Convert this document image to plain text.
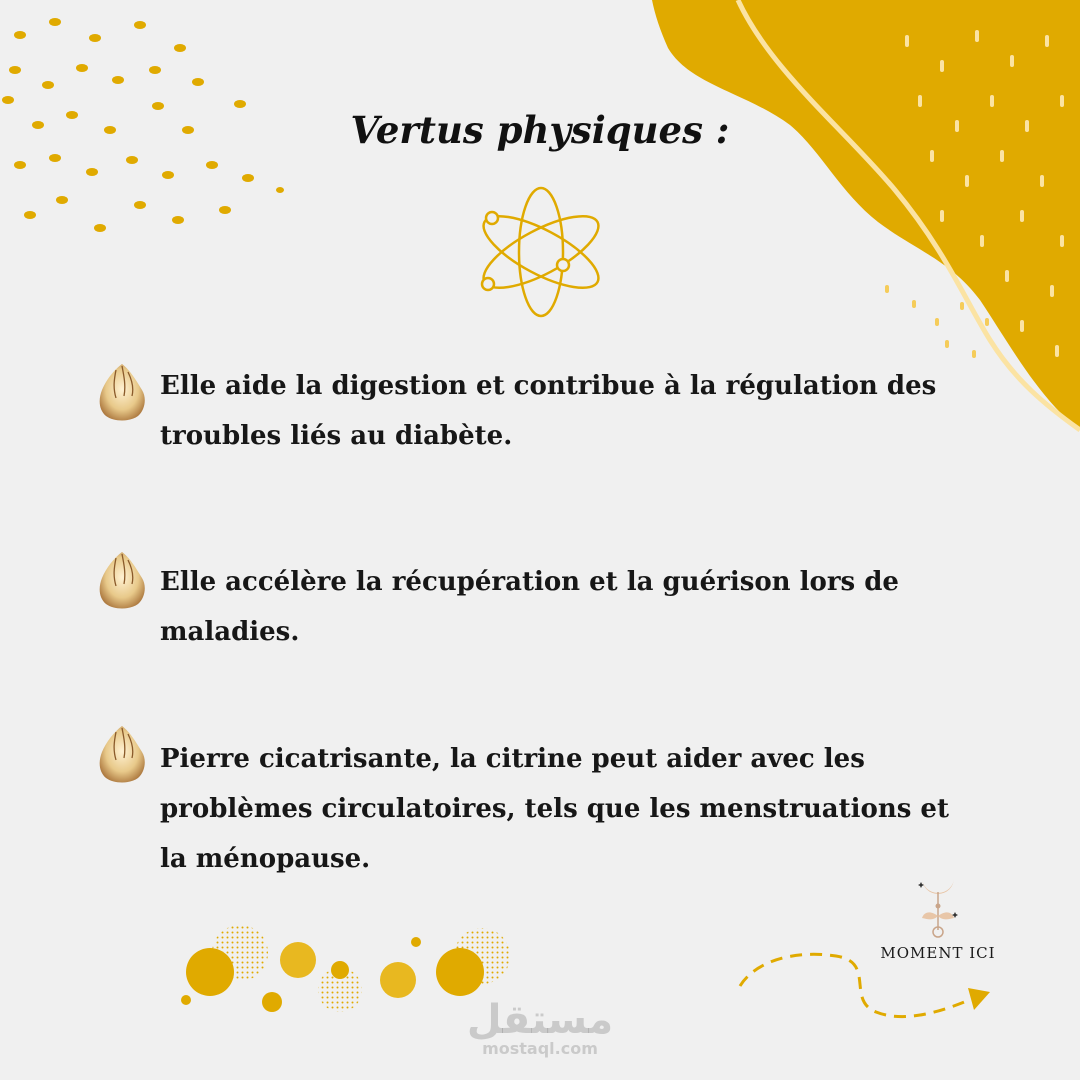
Vertus physiques :
Elle aide la digestion et contribue à la régulation des troubles liés au diabète.
Elle accélère la récupération et la guérison lors de maladies.
Pierre cicatrisante, la citrine peut aider avec les problèmes circulatoires, tels que les menstruations et la ménopause.
MOMENT ICI
مستقل
mostaql.com
